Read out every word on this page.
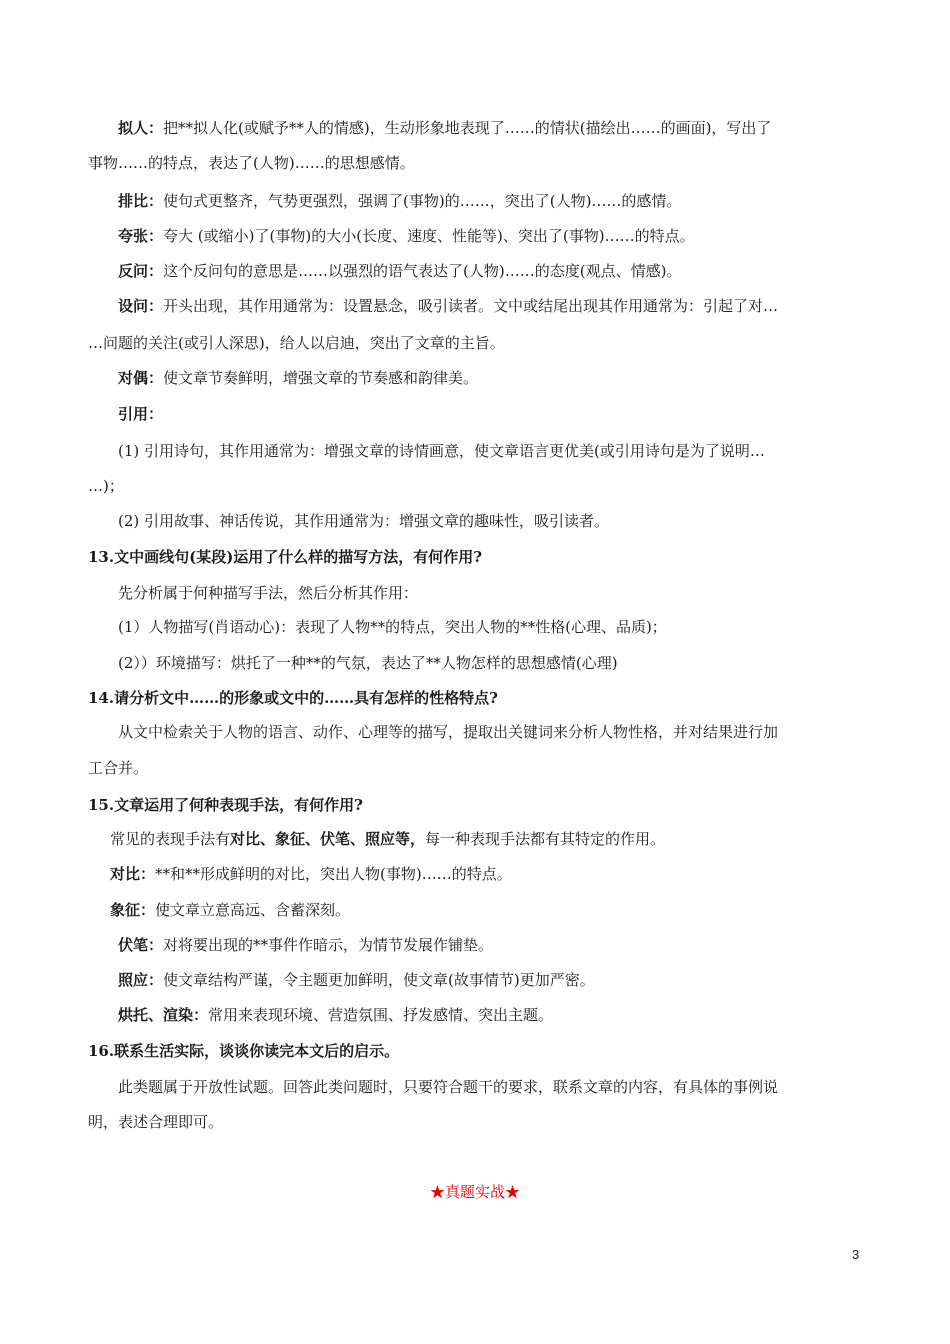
拟人：把**拟人化(或赋予**人的情感)，生动形象地表现了……的情状(描绘出……的画面)，写出了
事物……的特点，表达了(人物)……的思想感情。
排比：使句式更整齐，气势更强烈，强调了(事物)的……，突出了(人物)……的感情。
夸张：夸大 (或缩小)了(事物)的大小(长度、速度、性能等)、突出了(事物)……的特点。
反问：这个反问句的意思是……以强烈的语气表达了(人物)……的态度(观点、情感)。
设问：开头出现，其作用通常为：设置悬念，吸引读者。文中或结尾出现其作用通常为：引起了对…
…问题的关注(或引人深思)，给人以启迪，突出了文章的主旨。
对偶：使文章节奏鲜明，增强文章的节奏感和韵律美。
引用：
(1) 引用诗句，其作用通常为：增强文章的诗情画意，使文章语言更优美(或引用诗句是为了说明…
…)；
(2) 引用故事、神话传说，其作用通常为：增强文章的趣味性，吸引读者。
13.文中画线句(某段)运用了什么样的描写方法，有何作用?
先分析属于何种描写手法，然后分析其作用：
(1）人物描写(肖语动心)：表现了人物**的特点，突出人物的**性格(心理、品质)；
(2））环境描写：烘托了一种**的气氛，表达了**人物怎样的思想感情(心理)
14.请分析文中……的形象或文中的……具有怎样的性格特点?
从文中检索关于人物的语言、动作、心理等的描写，提取出关键词来分析人物性格，并对结果进行加
工合并。
15.文章运用了何种表现手法，有何作用?
常见的表现手法有对比、象征、伏笔、照应等，每一种表现手法都有其特定的作用。
对比：**和**形成鲜明的对比，突出人物(事物)……的特点。
象征：使文章立意高远、含蓄深刻。
伏笔：对将要出现的**事件作暗示，为情节发展作铺垫。
照应：使文章结构严谨，令主题更加鲜明，使文章(故事情节)更加严密。
烘托、渲染：常用来表现环境、营造氛围、抒发感情、突出主题。
16.联系生活实际，谈谈你读完本文后的启示。
此类题属于开放性试题。回答此类问题时，只要符合题干的要求，联系文章的内容，有具体的事例说
明，表述合理即可。
★真题实战★
3
